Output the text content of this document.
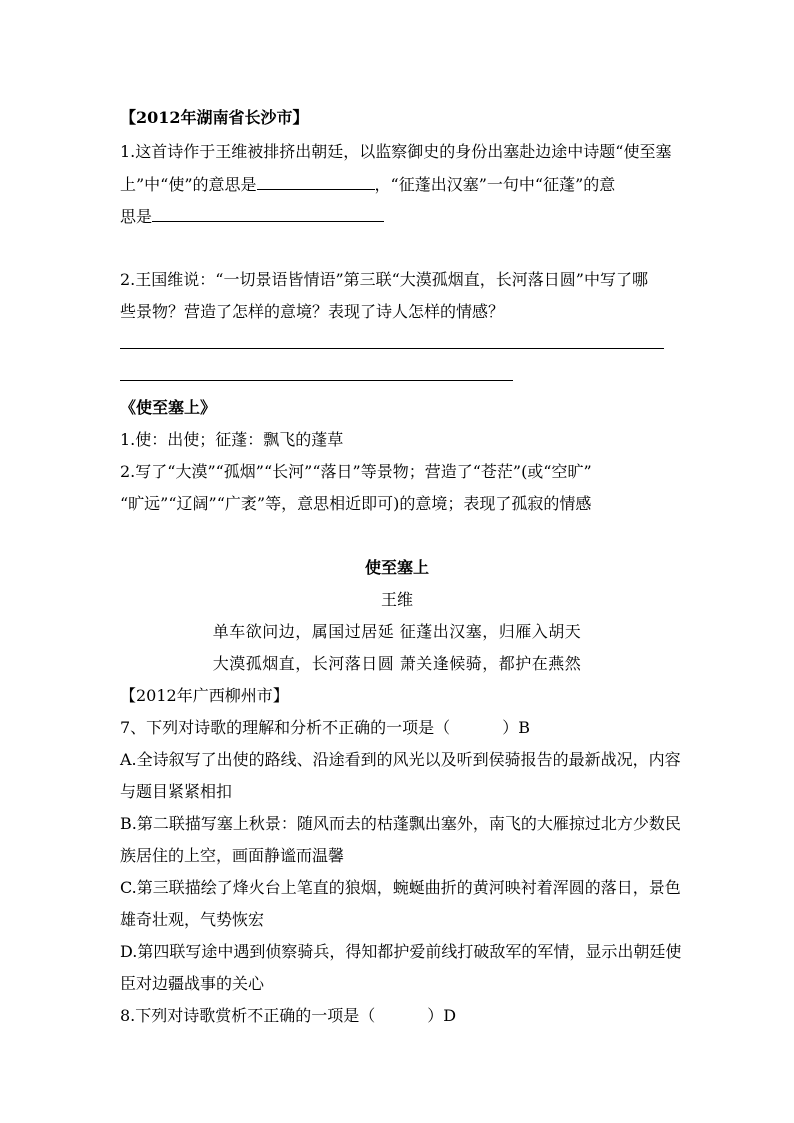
【2012年湖南省长沙市】
1.这首诗作于王维被排挤出朝廷，以监察御史的身份出塞赴边途中诗题“使至塞
上”中“使”的意思是	，“征蓬出汉塞”一句中“征蓬”的意
思是
2.王国维说：“一切景语皆情语”第三联“大漠孤烟直，长河落日圆”中写了哪
些景物？营造了怎样的意境？表现了诗人怎样的情感？
《使至塞上》
1.使：出使；征蓬：飘飞的蓬草
2.写了“大漠”“孤烟”“长河”“落日”等景物；营造了“苍茫”(或“空旷”
“旷远”“辽阔”“广袤”等，意思相近即可)的意境；表现了孤寂的情感
使至塞上
王维
单车欲问边，属国过居延 征蓬出汉塞，归雁入胡天
大漠孤烟直，长河落日圆 萧关逢候骑，都护在燕然
【2012年广西柳州市】
7、下列对诗歌的理解和分析不正确的一项是（	）B
A.全诗叙写了出使的路线、沿途看到的风光以及听到侯骑报告的最新战况，内容
与题目紧紧相扣
B.第二联描写塞上秋景：随风而去的枯蓬飘出塞外，南飞的大雁掠过北方少数民
族居住的上空，画面静谧而温馨
C.第三联描绘了烽火台上笔直的狼烟，蜿蜒曲折的黄河映衬着浑圆的落日，景色
雄奇壮观，气势恢宏
D.第四联写途中遇到侦察骑兵，得知都护爱前线打破敌军的军情，显示出朝廷使
臣对边疆战事的关心
8.下列对诗歌赏析不正确的一项是（	）D
